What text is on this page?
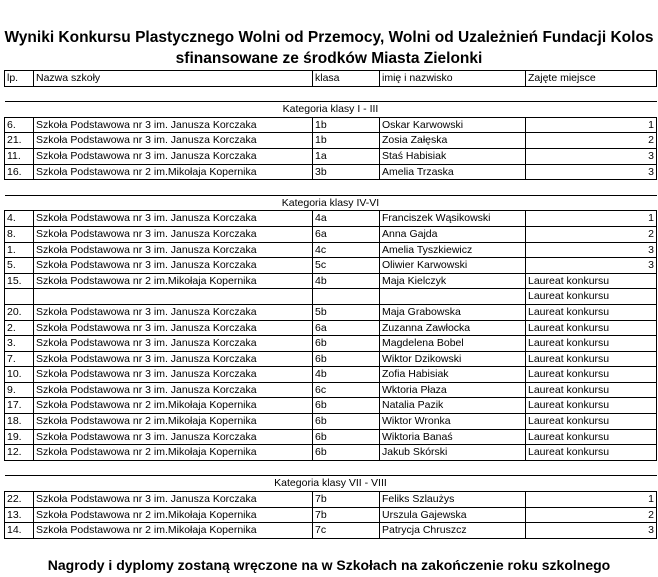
Wyniki Konkursu Plastycznego Wolni od Przemocy, Wolni od Uzależnień Fundacji Kolos
sfinansowane ze środków Miasta Zielonki
lp.	Nazwa szkoły	klasa	imię i nazwisko	Zajęte miejsce

Kategoria klasy I - III				
6.	Szkoła Podstawowa nr 3 im. Janusza Korczaka	1b	Oskar Karwowski	1
21.	Szkoła Podstawowa nr 3 im. Janusza Korczaka	1b	Zosia Załęska	2
11.	Szkoła Podstawowa nr 3 im. Janusza Korczaka	1a	Staś Habisiak	3
16.	Szkoła Podstawowa nr 2 im.Mikołaja Kopernika	3b	Amelia Trzaska	3

Kategoria klasy IV-VI				
4.	Szkoła Podstawowa nr 3 im. Janusza Korczaka	4a	Franciszek Wąsikowski	1
8.	Szkoła Podstawowa nr 3 im. Janusza Korczaka	6a	Anna Gajda	2
1.	Szkoła Podstawowa nr 3 im. Janusza Korczaka	4c	Amelia Tyszkiewicz	3
5.	Szkoła Podstawowa nr 3 im. Janusza Korczaka	5c	Oliwier Karwowski	3
15.	Szkoła Podstawowa nr 2 im.Mikołaja Kopernika	4b	Maja Kielczyk	Laureat konkursu
				Laureat konkursu
20.	Szkoła Podstawowa nr 3 im. Janusza Korczaka	5b	Maja Grabowska	Laureat konkursu
2.	Szkoła Podstawowa nr 3 im. Janusza Korczaka	6a	Zuzanna Zawłocka	Laureat konkursu
3.	Szkoła Podstawowa nr 3 im. Janusza Korczaka	6b	Magdelena Bobel	Laureat konkursu
7.	Szkoła Podstawowa nr 3 im. Janusza Korczaka	6b	Wiktor Dzikowski	Laureat konkursu
10.	Szkoła Podstawowa nr 3 im. Janusza Korczaka	4b	Zofia Habisiak	Laureat konkursu
9.	Szkoła Podstawowa nr 3 im. Janusza Korczaka	6c	Wktoria Płaza	Laureat konkursu
17.	Szkoła Podstawowa nr 2 im.Mikołaja Kopernika	6b	Natalia Pazik	Laureat konkursu
18.	Szkoła Podstawowa nr 2 im.Mikołaja Kopernika	6b	Wiktor Wronka	Laureat konkursu
19.	Szkoła Podstawowa nr 3 im. Janusza Korczaka	6b	Wiktoria Banaś	Laureat konkursu
12.	Szkoła Podstawowa nr 2 im.Mikołaja Kopernika	6b	Jakub Skórski	Laureat konkursu

Kategoria klasy VII - VIII				
22.	Szkoła Podstawowa nr 3 im. Janusza Korczaka	7b	Feliks Szlaużys	1
13.	Szkoła Podstawowa nr 2 im.Mikołaja Kopernika	7b	Urszula Gajewska	2
14.	Szkoła Podstawowa nr 2 im.Mikołaja Kopernika	7c	Patrycja Chruszcz	3
Nagrody i dyplomy zostaną wręczone na w Szkołach na zakończenie roku szkolnego
